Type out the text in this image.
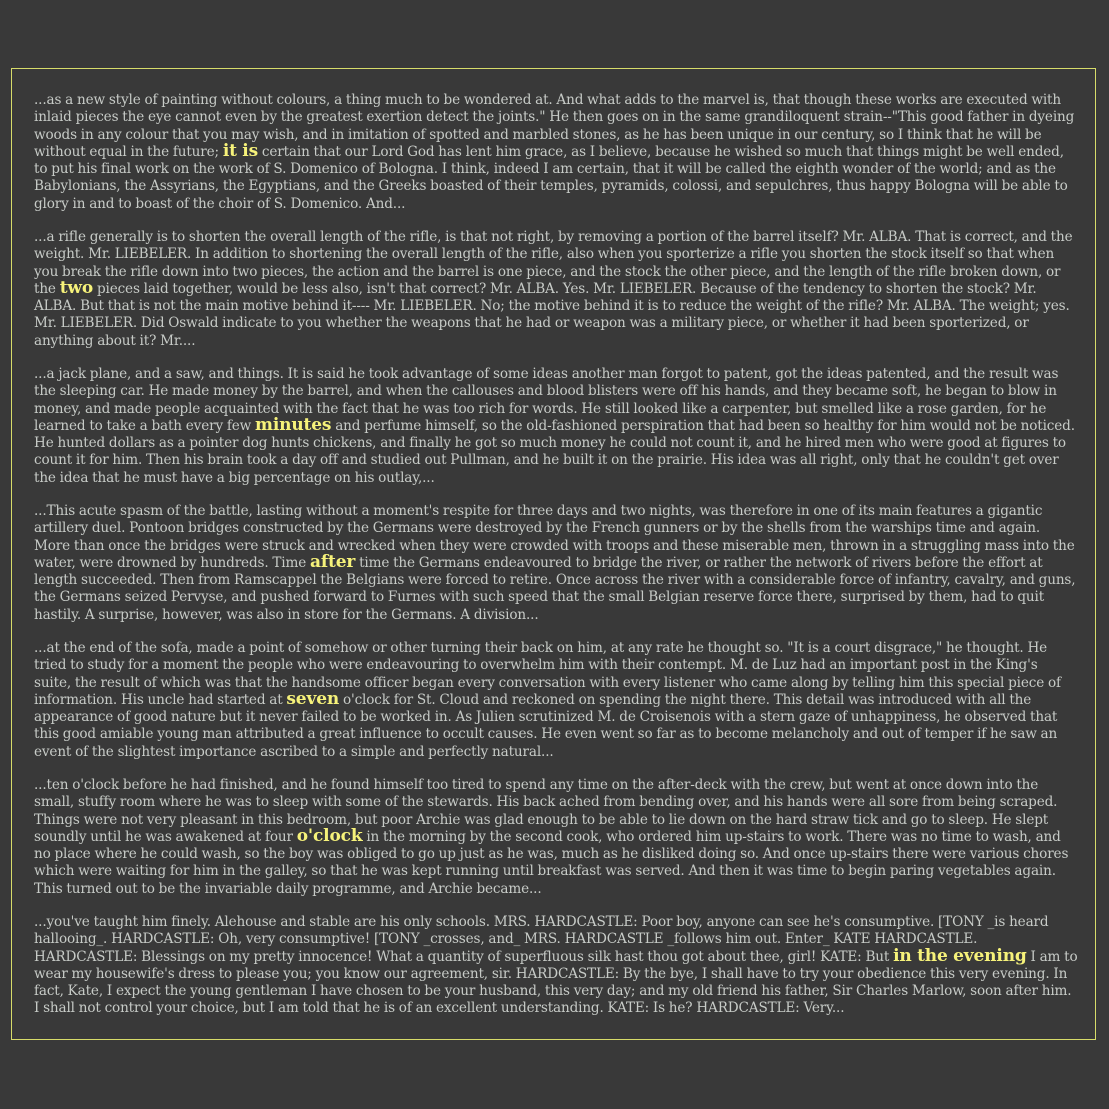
...as a new style of painting without colours, a thing much to be wondered at. And what adds to the marvel is, that though these works are executed with inlaid pieces the eye cannot even by the greatest exertion detect the joints." He then goes on in the same grandiloquent strain--"This good father in dyeing woods in any colour that you may wish, and in imitation of spotted and marbled stones, as he has been unique in our century, so I think that he will be without equal in the future; it is certain that our Lord God has lent him grace, as I believe, because he wished so much that things might be well ended, to put his final work on the work of S. Domenico of Bologna. I think, indeed I am certain, that it will be called the eighth wonder of the world; and as the Babylonians, the Assyrians, the Egyptians, and the Greeks boasted of their temples, pyramids, colossi, and sepulchres, thus happy Bologna will be able to glory in and to boast of the choir of S. Domenico. And...

...a rifle generally is to shorten the overall length of the rifle, is that not right, by removing a portion of the barrel itself? Mr. ALBA. That is correct, and the weight. Mr. LIEBELER. In addition to shortening the overall length of the rifle, also when you sporterize a rifle you shorten the stock itself so that when you break the rifle down into two pieces, the action and the barrel is one piece, and the stock the other piece, and the length of the rifle broken down, or the two pieces laid together, would be less also, isn't that correct? Mr. ALBA. Yes. Mr. LIEBELER. Because of the tendency to shorten the stock? Mr. ALBA. But that is not the main motive behind it---- Mr. LIEBELER. No; the motive behind it is to reduce the weight of the rifle? Mr. ALBA. The weight; yes. Mr. LIEBELER. Did Oswald indicate to you whether the weapons that he had or weapon was a military piece, or whether it had been sporterized, or anything about it? Mr....

...a jack plane, and a saw, and things. It is said he took advantage of some ideas another man forgot to patent, got the ideas patented, and the result was the sleeping car. He made money by the barrel, and when the callouses and blood blisters were off his hands, and they became soft, he began to blow in money, and made people acquainted with the fact that he was too rich for words. He still looked like a carpenter, but smelled like a rose garden, for he learned to take a bath every few minutes and perfume himself, so the old-fashioned perspiration that had been so healthy for him would not be noticed. He hunted dollars as a pointer dog hunts chickens, and finally he got so much money he could not count it, and he hired men who were good at figures to count it for him. Then his brain took a day off and studied out Pullman, and he built it on the prairie. His idea was all right, only that he couldn't get over the idea that he must have a big percentage on his outlay,...

...This acute spasm of the battle, lasting without a moment's respite for three days and two nights, was therefore in one of its main features a gigantic artillery duel. Pontoon bridges constructed by the Germans were destroyed by the French gunners or by the shells from the warships time and again. More than once the bridges were struck and wrecked when they were crowded with troops and these miserable men, thrown in a struggling mass into the water, were drowned by hundreds. Time after time the Germans endeavoured to bridge the river, or rather the network of rivers before the effort at length succeeded. Then from Ramscappel the Belgians were forced to retire. Once across the river with a considerable force of infantry, cavalry, and guns, the Germans seized Pervyse, and pushed forward to Furnes with such speed that the small Belgian reserve force there, surprised by them, had to quit hastily. A surprise, however, was also in store for the Germans. A division...

...at the end of the sofa, made a point of somehow or other turning their back on him, at any rate he thought so. "It is a court disgrace," he thought. He tried to study for a moment the people who were endeavouring to overwhelm him with their contempt. M. de Luz had an important post in the King's suite, the result of which was that the handsome officer began every conversation with every listener who came along by telling him this special piece of information. His uncle had started at seven o'clock for St. Cloud and reckoned on spending the night there. This detail was introduced with all the appearance of good nature but it never failed to be worked in. As Julien scrutinized M. de Croisenois with a stern gaze of unhappiness, he observed that this good amiable young man attributed a great influence to occult causes. He even went so far as to become melancholy and out of temper if he saw an event of the slightest importance ascribed to a simple and perfectly natural...

...ten o'clock before he had finished, and he found himself too tired to spend any time on the after-deck with the crew, but went at once down into the small, stuffy room where he was to sleep with some of the stewards. His back ached from bending over, and his hands were all sore from being scraped. Things were not very pleasant in this bedroom, but poor Archie was glad enough to be able to lie down on the hard straw tick and go to sleep. He slept soundly until he was awakened at four o'clock in the morning by the second cook, who ordered him up-stairs to work. There was no time to wash, and no place where he could wash, so the boy was obliged to go up just as he was, much as he disliked doing so. And once up-stairs there were various chores which were waiting for him in the galley, so that he was kept running until breakfast was served. And then it was time to begin paring vegetables again. This turned out to be the invariable daily programme, and Archie became...

...you've taught him finely. Alehouse and stable are his only schools. MRS. HARDCASTLE: Poor boy, anyone can see he's consumptive. [TONY _is heard hallooing_. HARDCASTLE: Oh, very consumptive! [TONY _crosses, and_ MRS. HARDCASTLE _follows him out. Enter_ KATE HARDCASTLE. HARDCASTLE: Blessings on my pretty innocence! What a quantity of superfluous silk hast thou got about thee, girl! KATE: But in the evening I am to wear my housewife's dress to please you; you know our agreement, sir. HARDCASTLE: By the bye, I shall have to try your obedience this very evening. In fact, Kate, I expect the young gentleman I have chosen to be your husband, this very day; and my old friend his father, Sir Charles Marlow, soon after him. I shall not control your choice, but I am told that he is of an excellent understanding. KATE: Is he? HARDCASTLE: Very...
